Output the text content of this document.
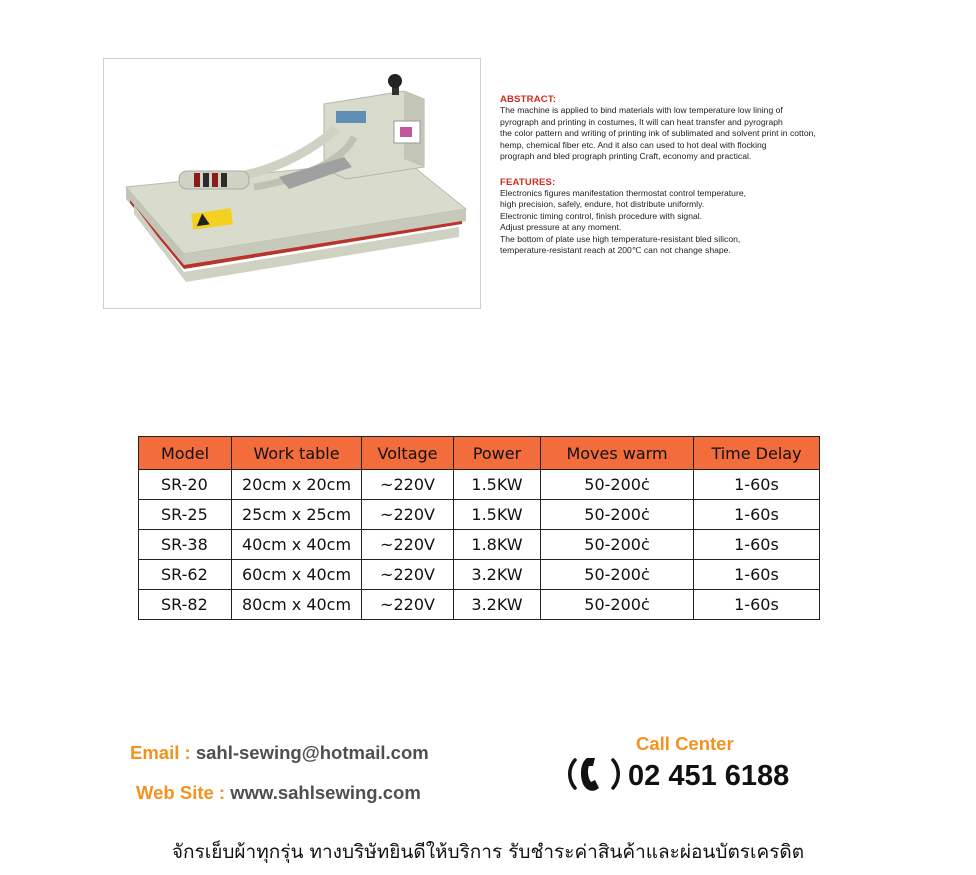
ABSTRACT:

The machine is applied to bind materials with low temperature low lining of

pyrograph and printing in costumes, It will can heat transfer and pyrograph

the color pattern and writing of printing ink of sublimated and solvent print in cotton,

hemp, chemical fiber etc. And it also can used to hot deal with flocking

prograph and bled prograph printing Craft, economy and practical.

FEATURES:
Electronics figures manifestation thermostat control temperature,
high precision, safely, endure, hot distribute uniformly.
Electronic timing control, finish procedure with signal.
Adjust pressure at any moment.
The bottom of plate use high temperature-resistant bled silicon,
temperature-resistant reach at 200℃ can not change shape.
Model	Work table	Voltage	Power	Moves warm	Time Delay
SR-20	20cm x 20cm	~220V	1.5KW	50-200ċ	1-60s
SR-25	25cm x 25cm	~220V	1.5KW	50-200ċ	1-60s
SR-38	40cm x 40cm	~220V	1.8KW	50-200ċ	1-60s
SR-62	60cm x 40cm	~220V	3.2KW	50-200ċ	1-60s
SR-82	80cm x 40cm	~220V	3.2KW	50-200ċ	1-60s
Email : sahl-sewing@hotmail.com
Web Site : www.sahlsewing.com
Call Center
02 451 6188
จักรเย็บผ้าทุกรุ่น ทางบริษัทยินดีให้บริการ รับชำระค่าสินค้าและผ่อนบัตรเครดิต
